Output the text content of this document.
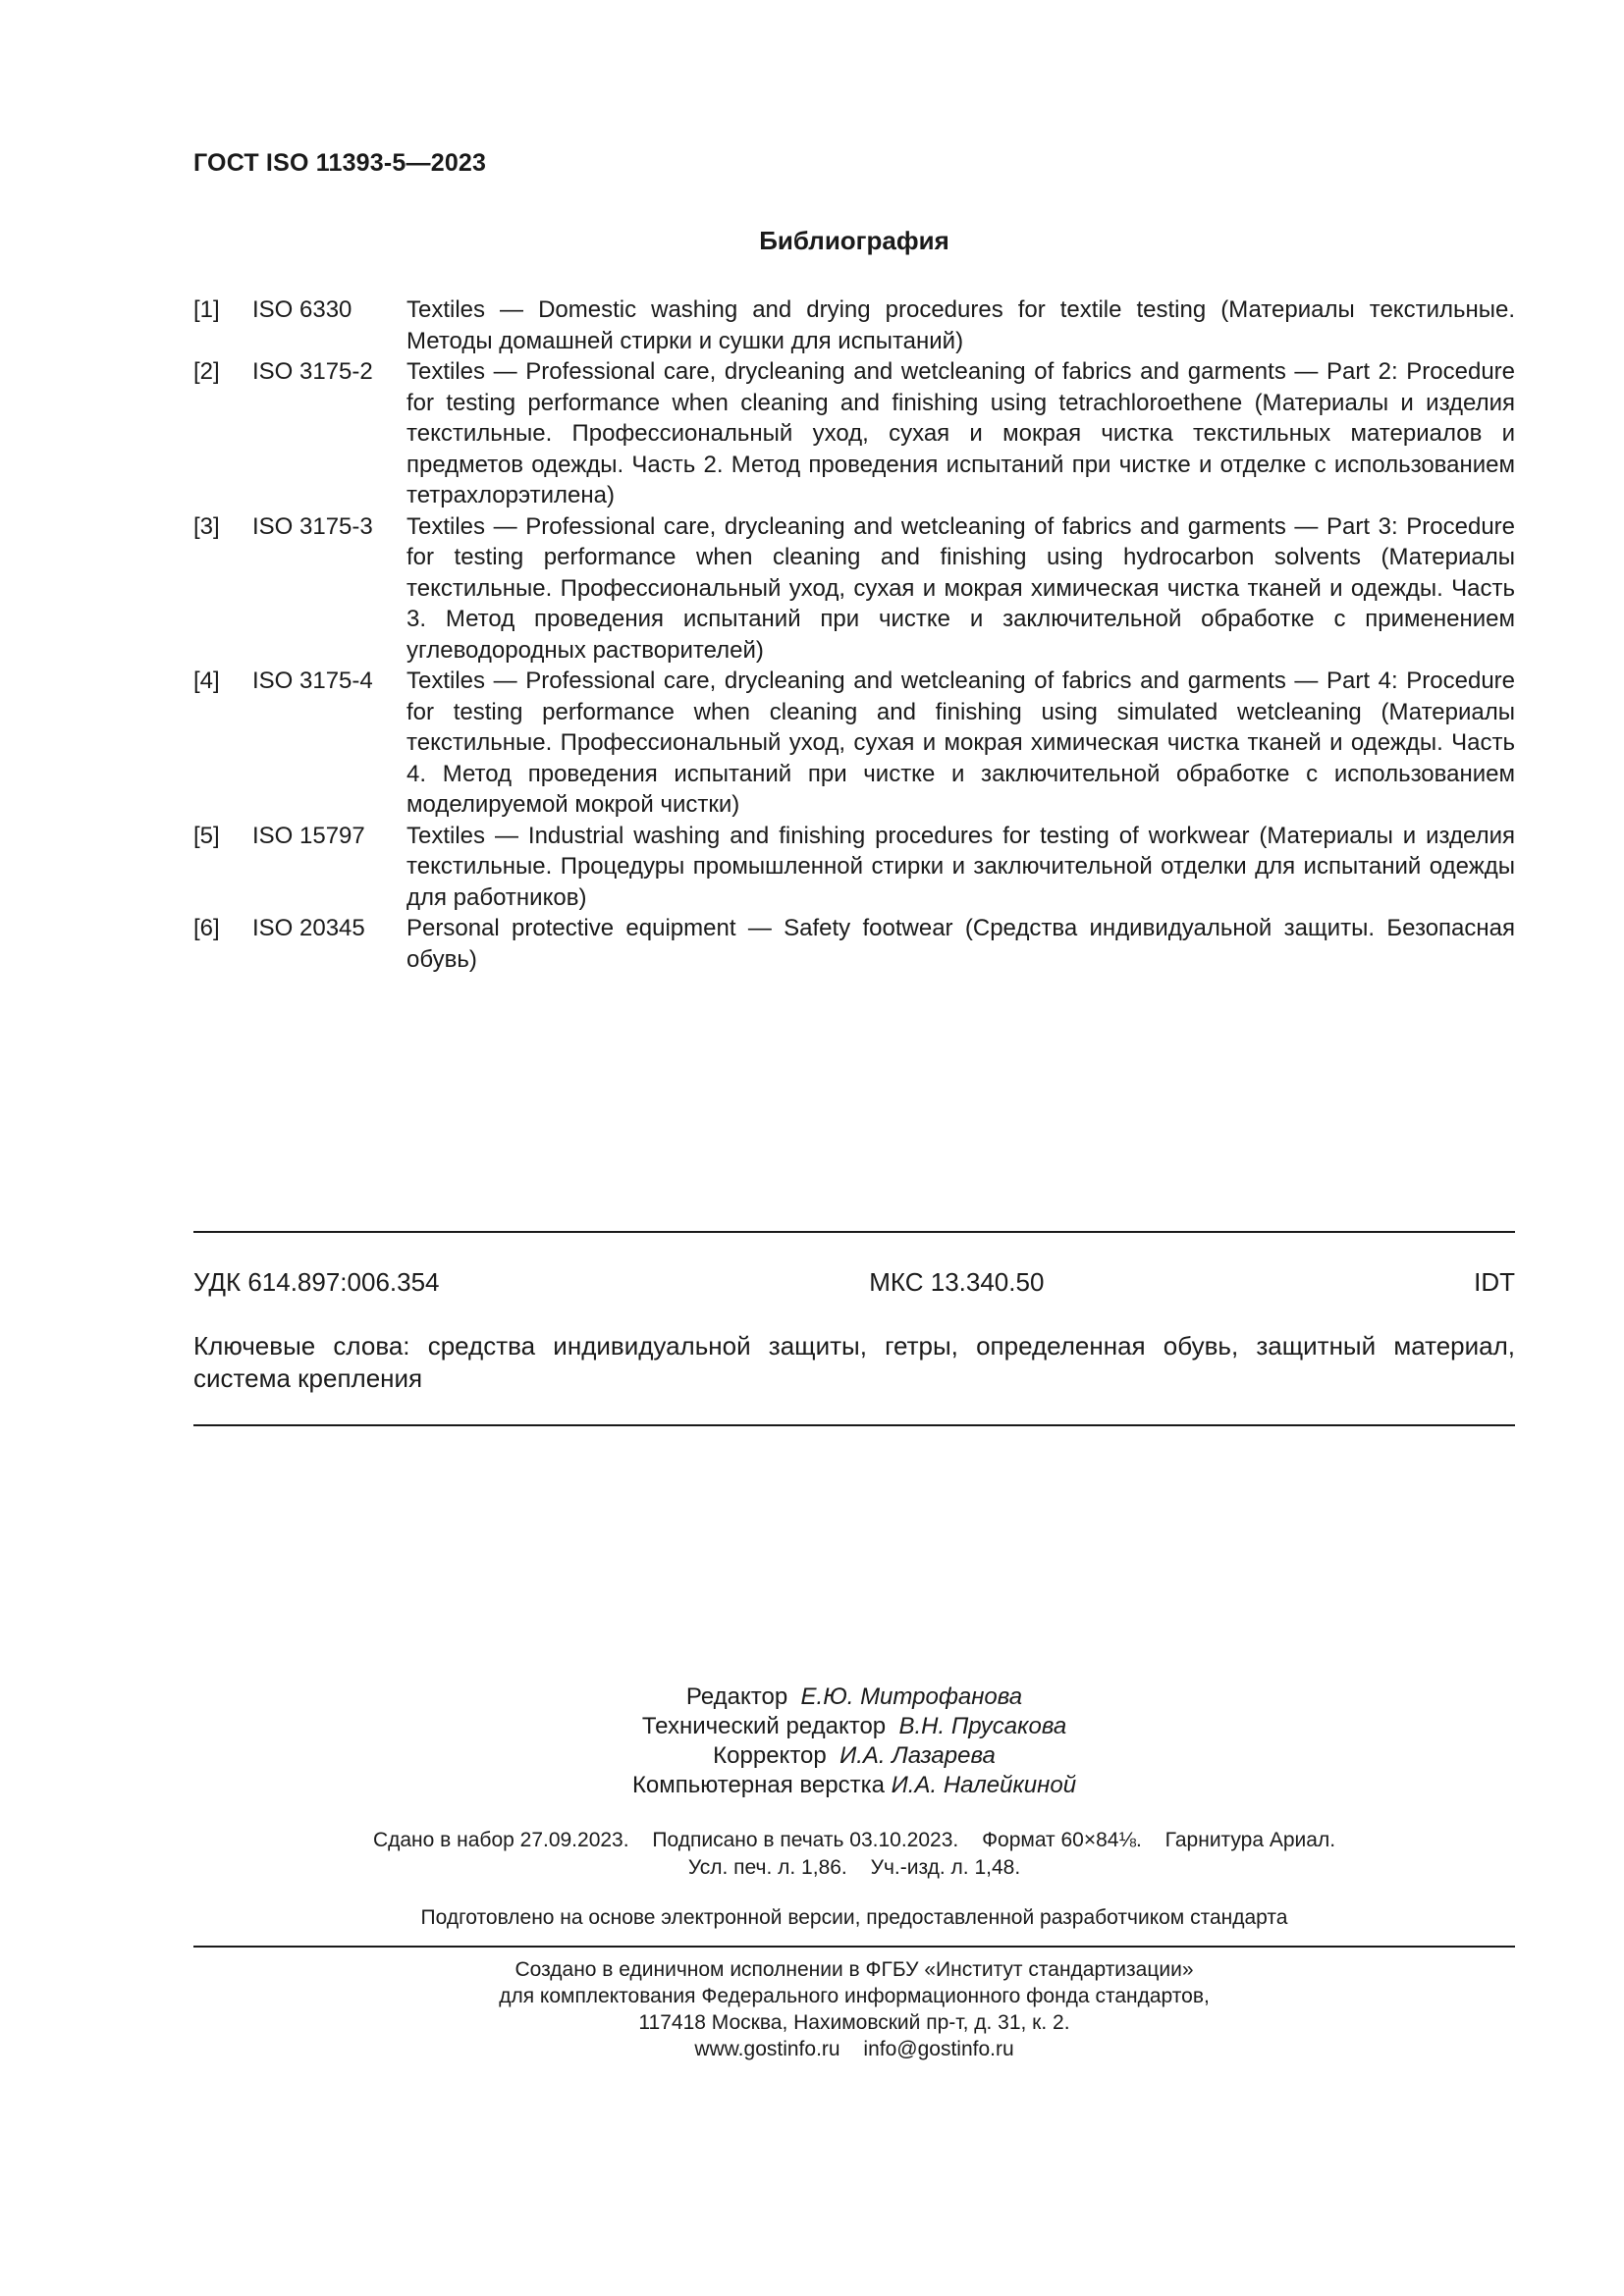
ГОСТ ISO 11393-5—2023
Библиография
[1]	ISO 6330	Textiles — Domestic washing and drying procedures for textile testing (Материалы текстильные. Методы домашней стирки и сушки для испытаний)
[2]	ISO 3175-2	Textiles — Professional care, drycleaning and wetcleaning of fabrics and garments — Part 2: Procedure for testing performance when cleaning and finishing using tetrachloroethene (Материалы и изделия текстильные. Профессиональный уход, сухая и мокрая чистка текстильных материалов и предметов одежды. Часть 2. Метод проведения испытаний при чистке и отделке с использованием тетрахлорэтилена)
[3]	ISO 3175-3	Textiles — Professional care, drycleaning and wetcleaning of fabrics and garments — Part 3: Procedure for testing performance when cleaning and finishing using hydrocarbon solvents (Материалы текстильные. Профессиональный уход, сухая и мокрая химическая чистка тканей и одежды. Часть 3. Метод проведения испытаний при чистке и заключительной обработке с применением углеводородных растворителей)
[4]	ISO 3175-4	Textiles — Professional care, drycleaning and wetcleaning of fabrics and garments — Part 4: Procedure for testing performance when cleaning and finishing using simulated wetcleaning (Материалы текстильные. Профессиональный уход, сухая и мокрая химическая чистка тканей и одежды. Часть 4. Метод проведения испытаний при чистке и заключительной обработке с использованием моделируемой мокрой чистки)
[5]	ISO 15797	Textiles — Industrial washing and finishing procedures for testing of workwear (Материалы и изделия текстильные. Процедуры промышленной стирки и заключительной отделки для испытаний одежды для работников)
[6]	ISO 20345	Personal protective equipment — Safety footwear (Средства индивидуальной защиты. Безопасная обувь)
УДК 614.897:006.354	МКС 13.340.50	IDT
Ключевые слова: средства индивидуальной защиты, гетры, определенная обувь, защитный материал, система крепления
Редактор Е.Ю. Митрофанова
Технический редактор В.Н. Прусакова
Корректор И.А. Лазарева
Компьютерная верстка И.А. Налейкиной
Сдано в набор 27.09.2023. Подписано в печать 03.10.2023. Формат 60×84⅛. Гарнитура Ариал.
Усл. печ. л. 1,86. Уч.-изд. л. 1,48.
Подготовлено на основе электронной версии, предоставленной разработчиком стандарта
Создано в единичном исполнении в ФГБУ «Институт стандартизации»
для комплектования Федерального информационного фонда стандартов,
117418 Москва, Нахимовский пр-т, д. 31, к. 2.
www.gostinfo.ru info@gostinfo.ru
